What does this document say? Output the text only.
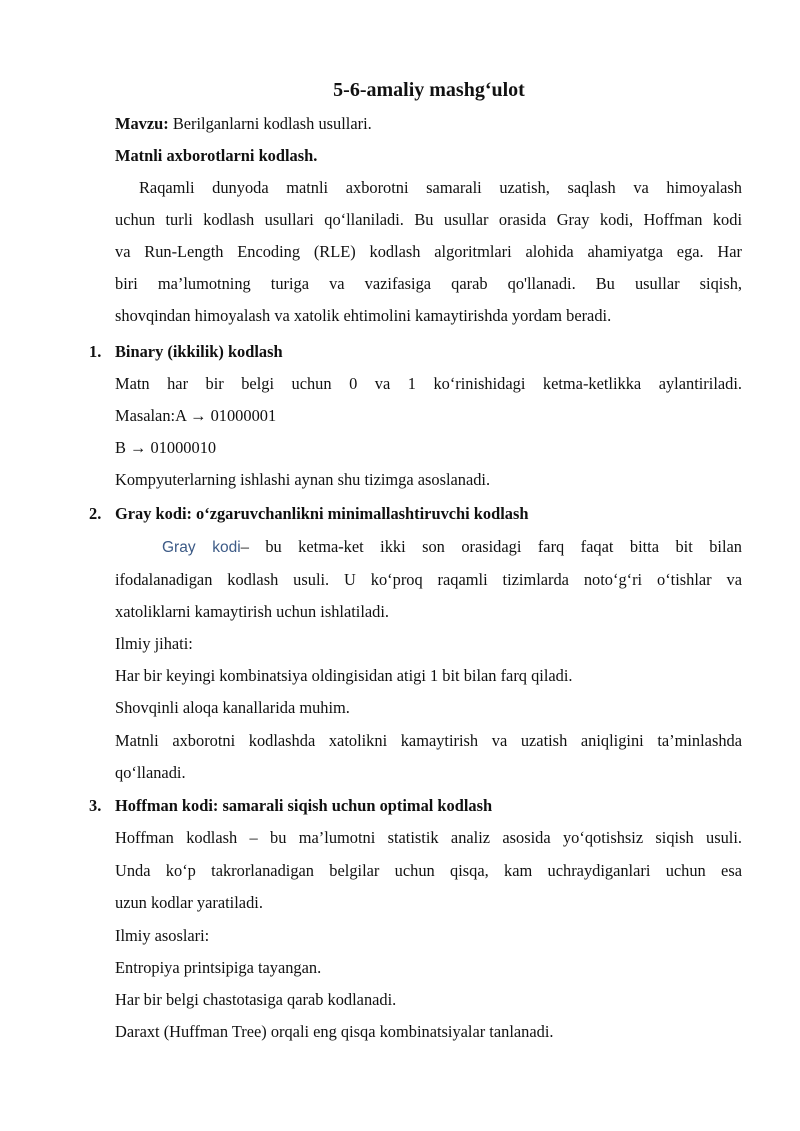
5-6-amaliy mashg‘ulot
Mavzu: Berilganlarni kodlash usullari.
Matnli axborotlarni kodlash.
Raqamli dunyoda matnli axborotni samarali uzatish, saqlash va himoyalash
uchun turli kodlash usullari qo‘llaniladi. Bu usullar orasida Gray kodi, Hoffman kodi
va Run-Length Encoding (RLE) kodlash algoritmlari alohida ahamiyatga ega. Har
biri ma’lumotning turiga va vazifasiga qarab qo'llanadi. Bu usullar siqish,
shovqindan himoyalash va xatolik ehtimolini kamaytirishda yordam beradi.
1. Binary (ikkilik) kodlash
Matn har bir belgi uchun 0 va 1 ko‘rinishidagi ketma-ketlikka aylantiriladi.
Masalan:A → 01000001
B → 01000010
Kompyuterlarning ishlashi aynan shu tizimga asoslanadi.
2. Gray kodi: o‘zgaruvchanlikni minimallashtiruvchi kodlash
Gray kodi– bu ketma-ket ikki son orasidagi farq faqat bitta bit bilan
ifodalanadigan kodlash usuli. U ko‘proq raqamli tizimlarda noto‘g‘ri o‘tishlar va
xatoliklarni kamaytirish uchun ishlatiladi.
Ilmiy jihati:
Har bir keyingi kombinatsiya oldingisidan atigi 1 bit bilan farq qiladi.
Shovqinli aloqa kanallarida muhim.
Matnli axborotni kodlashda xatolikni kamaytirish va uzatish aniqligini ta’minlashda
qo‘llanadi.
3. Hoffman kodi: samarali siqish uchun optimal kodlash
Hoffman kodlash – bu ma’lumotni statistik analiz asosida yo‘qotishsiz siqish usuli.
Unda ko‘p takrorlanadigan belgilar uchun qisqa, kam uchraydiganlari uchun esa
uzun kodlar yaratiladi.
Ilmiy asoslari:
Entropiya printsipiga tayangan.
Har bir belgi chastotasiga qarab kodlanadi.
Daraxt (Huffman Tree) orqali eng qisqa kombinatsiyalar tanlanadi.
